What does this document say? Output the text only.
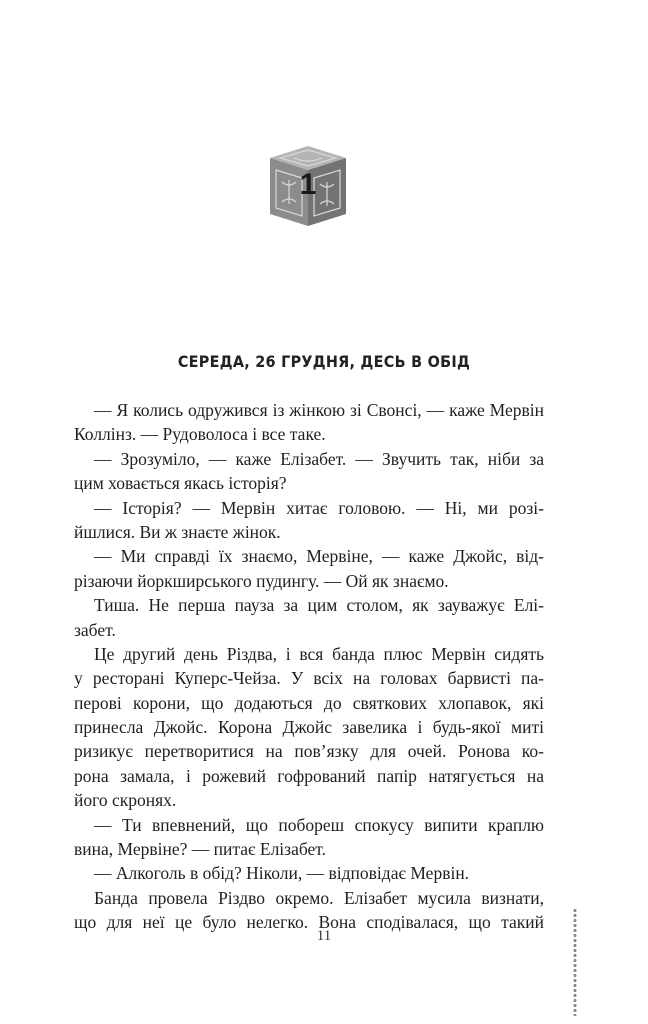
1
СЕРЕДА, 26 ГРУДНЯ, ДЕСЬ В ОБІД
— Я колись одружився із жінкою зі Свонсі, — каже Мервін
Коллінз. — Рудоволоса і все таке.
— Зрозуміло, — каже Елізабет. — Звучить так, ніби за
цим ховається якась історія?
— Історія? — Мервін хитає головою. — Ні, ми розі-
йшлися. Ви ж знаєте жінок.
— Ми справді їх знаємо, Мервіне, — каже Джойс, від-
різаючи йоркширського пудингу. — Ой як знаємо.
Тиша. Не перша пауза за цим столом, як зауважує Елі-
забет.
Це другий день Різдва, і вся банда плюс Мервін сидять
у ресторані Куперс-Чейза. У всіх на головах барвисті па-
перові корони, що додаються до святкових хлопавок, які
принесла Джойс. Корона Джойс завелика і будь-якої миті
ризикує перетворитися на пов’язку для очей. Ронова ко-
рона замала, і рожевий гофрований папір натягується на
його скронях.
— Ти впевнений, що побореш спокусу випити краплю
вина, Мервіне? — питає Елізабет.
— Алкоголь в обід? Ніколи, — відповідає Мервін.
Банда провела Різдво окремо. Елізабет мусила визнати,
що для неї це було нелегко. Вона сподівалася, що такий
11
